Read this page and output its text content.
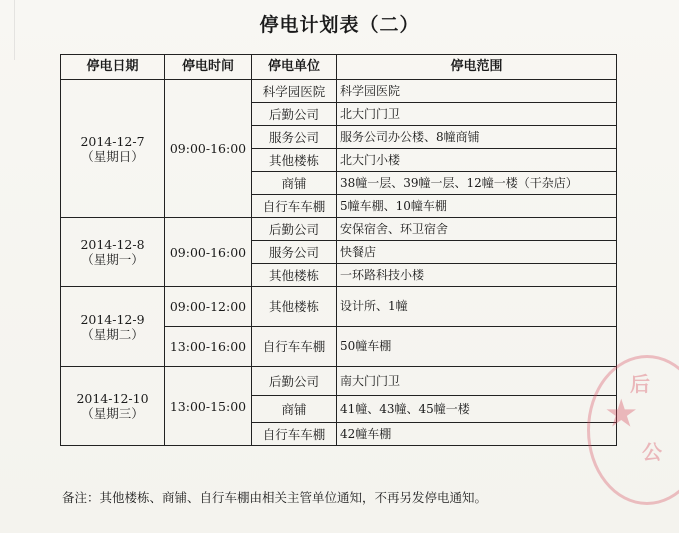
停电计划表（二）
停电日期	停电时间	停电单位	停电范围

2014-12-7
（星期日）	09:00-16:00	科学园医院	科学园医院
		后勤公司	北大门门卫
		服务公司	服务公司办公楼、8幢商铺
		其他楼栋	北大门小楼
		商铺	38幢一层、39幢一层、12幢一楼（干杂店）
		自行车车棚	5幢车棚、10幢车棚

2014-12-8
（星期一）	09:00-16:00	后勤公司	安保宿舍、环卫宿舍
		服务公司	快餐店
		其他楼栋	一环路科技小楼

2014-12-9
（星期二）	09:00-12:00	其他楼栋	设计所、1幢
	13:00-16:00	自行车车棚	50幢车棚

2014-12-10
（星期三）	13:00-15:00	后勤公司	南大门门卫
		商铺	41幢、43幢、45幢一楼
		自行车车棚	42幢车棚
备注：其他楼栋、商铺、自行车棚由相关主管单位通知，不再另发停电通知。
后
★
公
